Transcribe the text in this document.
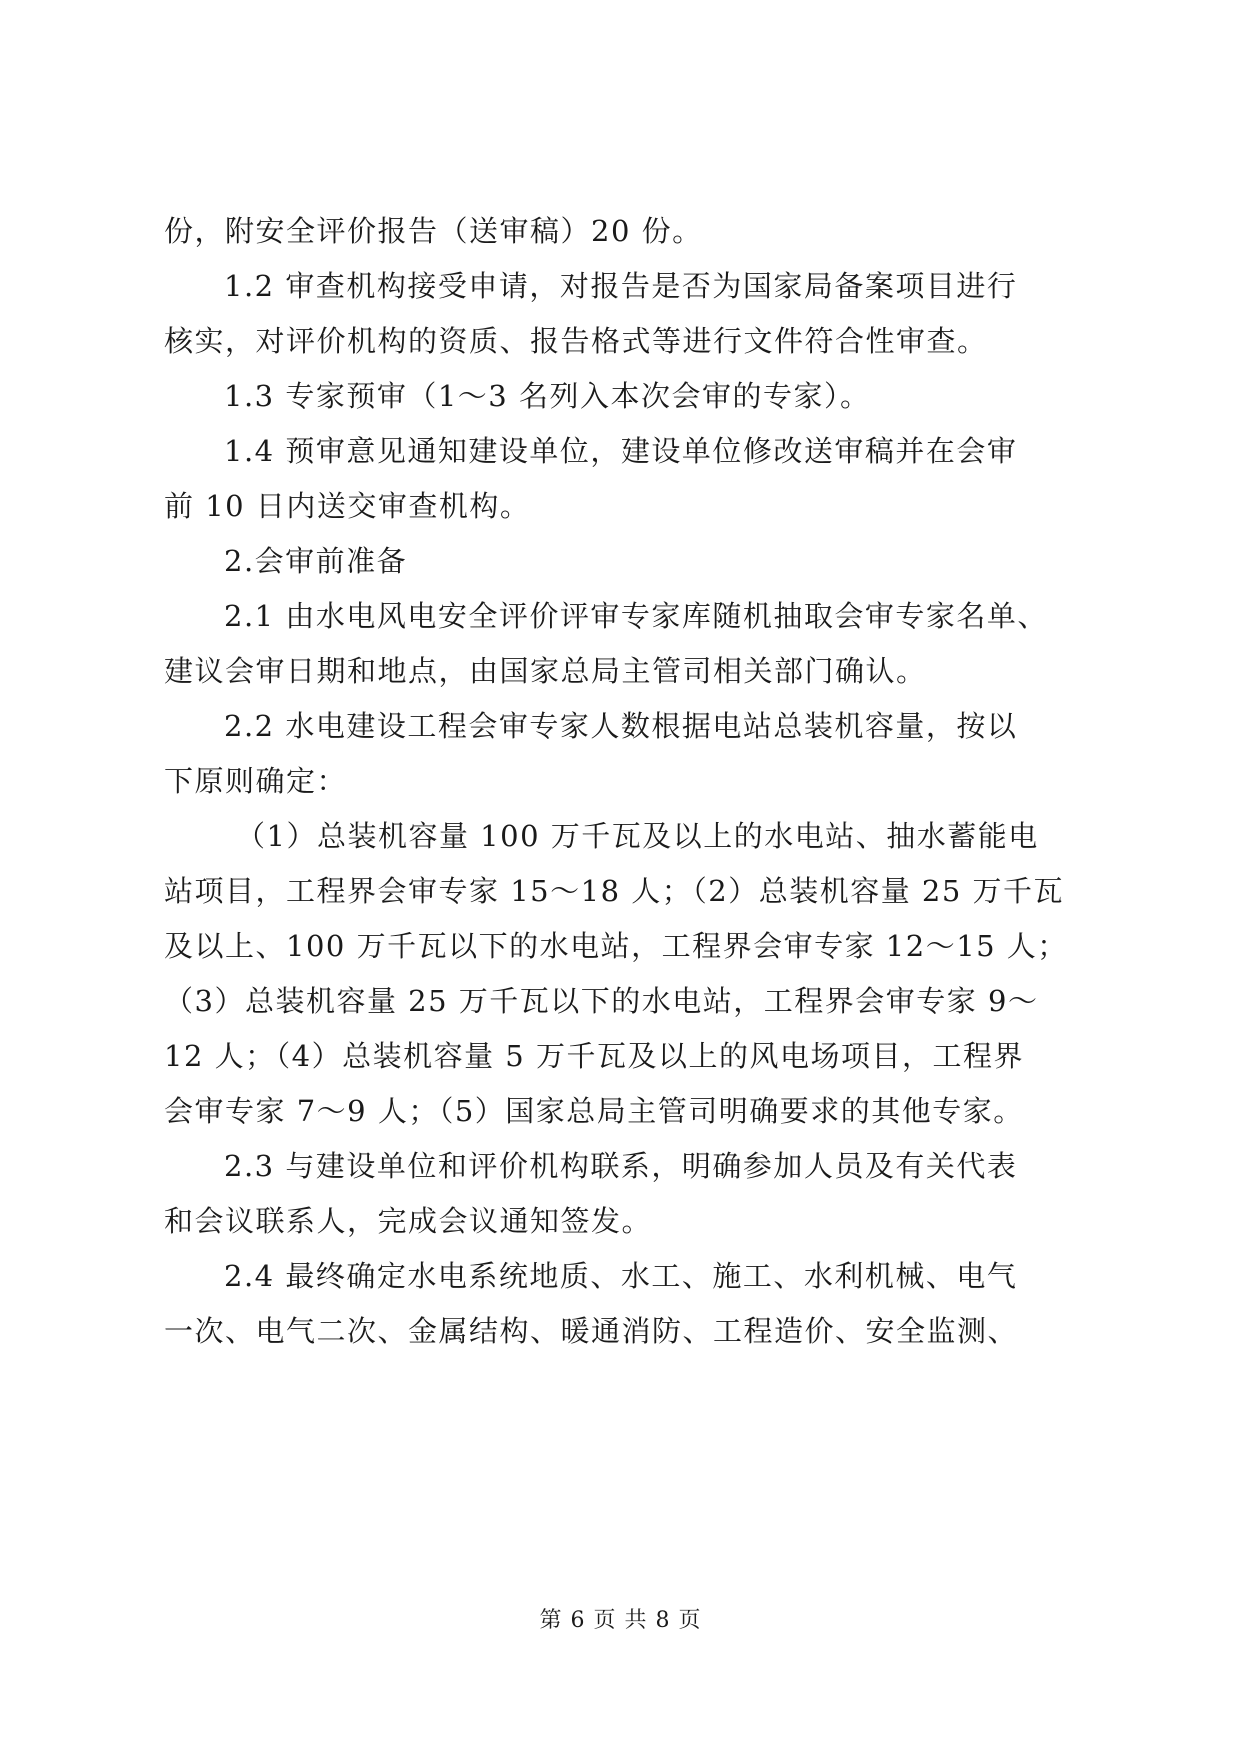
份，附安全评价报告（送审稿）20 份。
1.2 审查机构接受申请，对报告是否为国家局备案项目进行
核实，对评价机构的资质、报告格式等进行文件符合性审查。
1.3 专家预审（1～3 名列入本次会审的专家）。
1.4 预审意见通知建设单位，建设单位修改送审稿并在会审
前 10 日内送交审查机构。
2.会审前准备
2.1 由水电风电安全评价评审专家库随机抽取会审专家名单、
建议会审日期和地点，由国家总局主管司相关部门确认。
2.2 水电建设工程会审专家人数根据电站总装机容量，按以
下原则确定：
（1）总装机容量 100 万千瓦及以上的水电站、抽水蓄能电
站项目，工程界会审专家 15～18 人；（2）总装机容量 25 万千瓦
及以上、100 万千瓦以下的水电站，工程界会审专家 12～15 人；
（3）总装机容量 25 万千瓦以下的水电站，工程界会审专家 9～
12 人；（4）总装机容量 5 万千瓦及以上的风电场项目，工程界
会审专家 7～9 人；（5）国家总局主管司明确要求的其他专家。
2.3 与建设单位和评价机构联系，明确参加人员及有关代表
和会议联系人，完成会议通知签发。
2.4 最终确定水电系统地质、水工、施工、水利机械、电气
一次、电气二次、金属结构、暖通消防、工程造价、安全监测、
第 6 页 共 8 页
